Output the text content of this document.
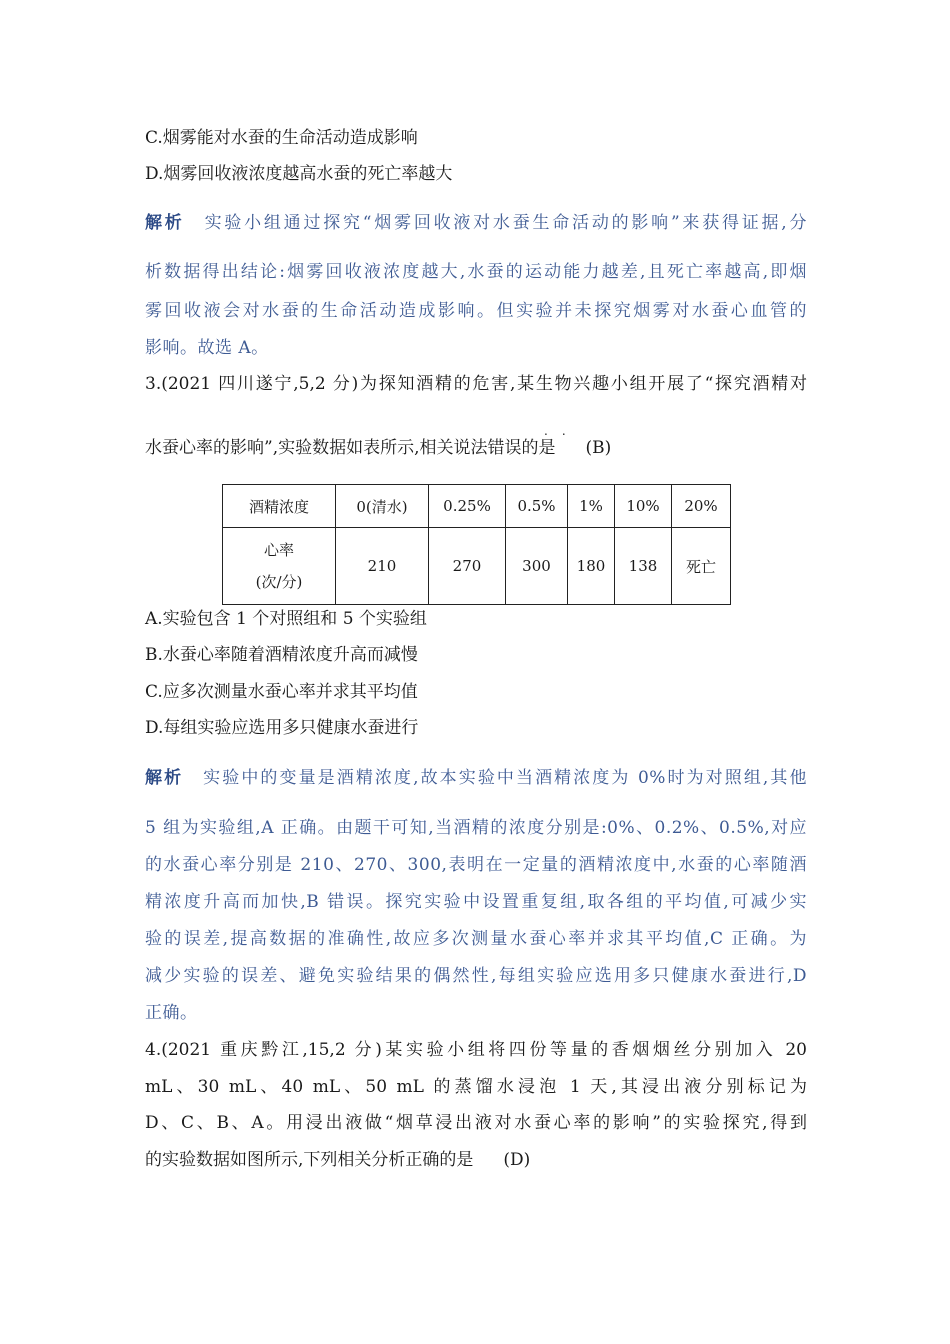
C.烟雾能对水蚕的生命活动造成影响
D.烟雾回收液浓度越高水蚕的死亡率越大
解析 实验小组通过探究“烟雾回收液对水蚕生命活动的影响”来获得证据,分
析数据得出结论:烟雾回收液浓度越大,水蚕的运动能力越差,且死亡率越高,即烟
雾回收液会对水蚕的生命活动造成影响。但实验并未探究烟雾对水蚕心血管的
影响。故选 A。
3.(2021 四川遂宁,5,2 分)为探知酒精的危害,某生物兴趣小组开展了“探究酒精对
..
水蚕心率的影响”,实验数据如表所示,相关说法错误的是 (B)
酒精浓度	0(清水)	0.25%	0.5%	1%	10%	20%

心率
(次/分)	210	270	300	180	138	死亡
A.实验包含 1 个对照组和 5 个实验组
B.水蚕心率随着酒精浓度升高而减慢
C.应多次测量水蚕心率并求其平均值
D.每组实验应选用多只健康水蚕进行
解析 实验中的变量是酒精浓度,故本实验中当酒精浓度为 0%时为对照组,其他
5 组为实验组,A 正确。由题干可知,当酒精的浓度分别是:0%、0.2%、0.5%,对应
的水蚕心率分别是 210、270、300,表明在一定量的酒精浓度中,水蚕的心率随酒
精浓度升高而加快,B 错误。探究实验中设置重复组,取各组的平均值,可减少实
验的误差,提高数据的准确性,故应多次测量水蚕心率并求其平均值,C 正确。为
减少实验的误差、避免实验结果的偶然性,每组实验应选用多只健康水蚕进行,D
正确。
4.(2021 重庆黔江,15,2 分)某实验小组将四份等量的香烟烟丝分别加入 20
mL、30 mL、40 mL、50 mL 的蒸馏水浸泡 1 天,其浸出液分别标记为
D、C、B、A。用浸出液做“烟草浸出液对水蚕心率的影响”的实验探究,得到
的实验数据如图所示,下列相关分析正确的是 (D)
